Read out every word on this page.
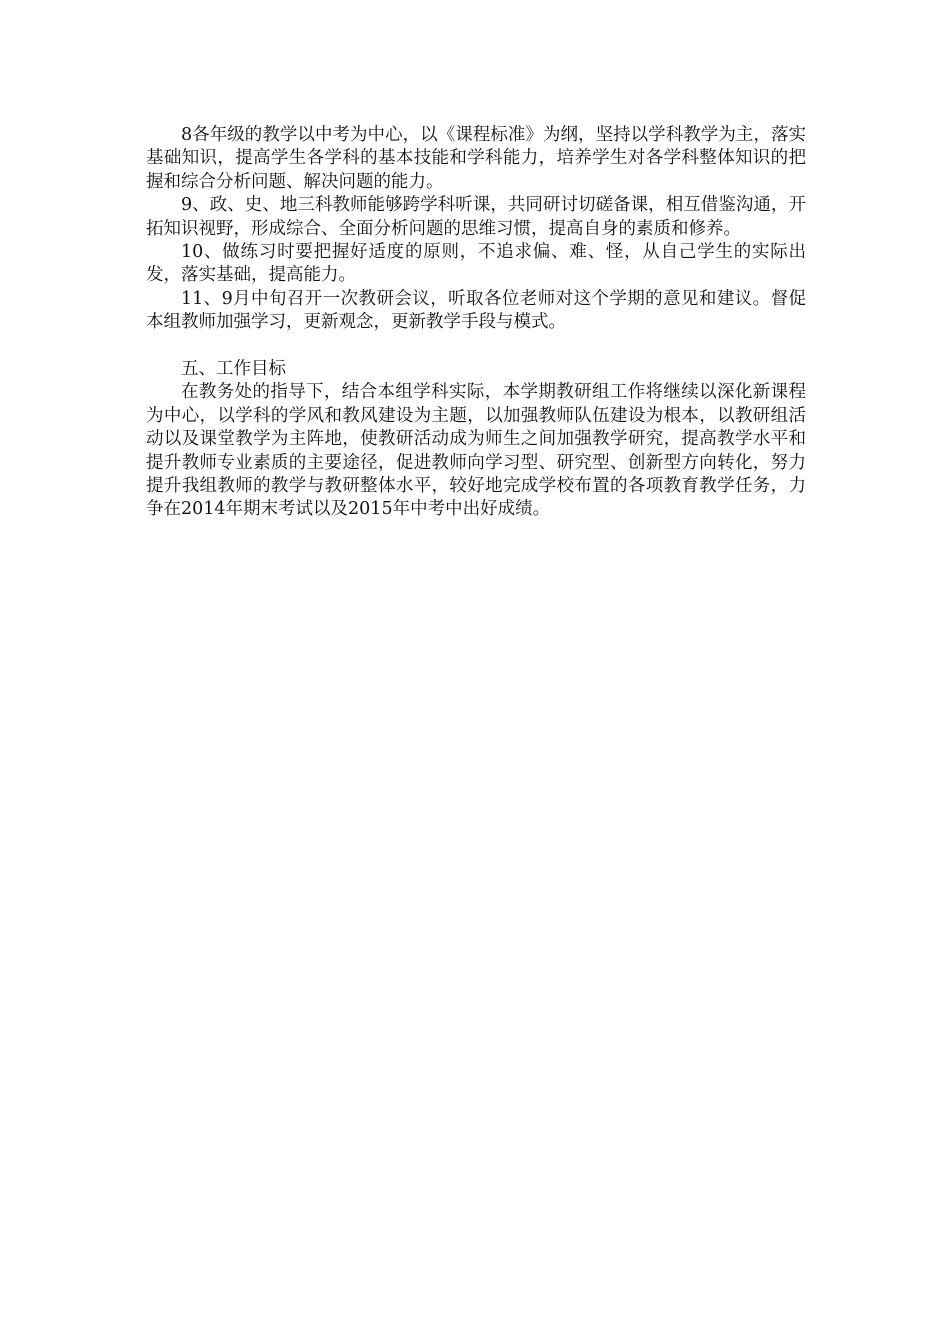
8各年级的教学以中考为中心，以《课程标准》为纲，坚持以学科教学为主，落实基础知识，提高学生各学科的基本技能和学科能力，培养学生对各学科整体知识的把握和综合分析问题、解决问题的能力。

9、政、史、地三科教师能够跨学科听课，共同研讨切磋备课，相互借鉴沟通，开拓知识视野，形成综合、全面分析问题的思维习惯，提高自身的素质和修养。

10、做练习时要把握好适度的原则，不追求偏、难、怪，从自己学生的实际出发，落实基础，提高能力。

11、9月中旬召开一次教研会议，听取各位老师对这个学期的意见和建议。督促本组教师加强学习，更新观念，更新教学手段与模式。

五、工作目标

在教务处的指导下，结合本组学科实际，本学期教研组工作将继续以深化新课程为中心，以学科的学风和教风建设为主题，以加强教师队伍建设为根本，以教研组活动以及课堂教学为主阵地，使教研活动成为师生之间加强教学研究，提高教学水平和提升教师专业素质的主要途径，促进教师向学习型、研究型、创新型方向转化，努力提升我组教师的教学与教研整体水平，较好地完成学校布置的各项教育教学任务，力争在2014年期末考试以及2015年中考中出好成绩。
